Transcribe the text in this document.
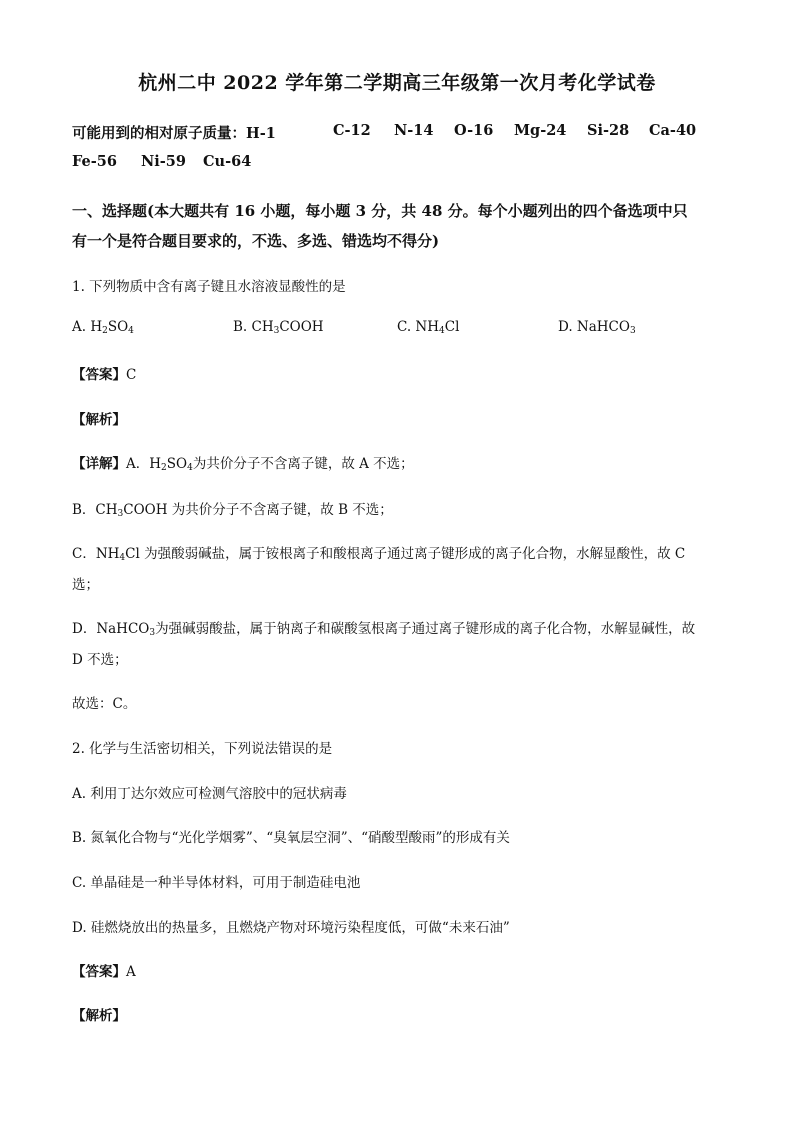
杭州二中 2022 学年第二学期高三年级第一次月考化学试卷
可能用到的相对原子质量：H-1	C-12 N-14 O-16 Mg-24 Si-28 Ca-40
Fe-56 Ni-59 Cu-64
一、选择题(本大题共有 16 小题，每小题 3 分，共 48 分。每个小题列出的四个备选项中只
有一个是符合题目要求的，不选、多选、错选均不得分)
1. 下列物质中含有离子键且水溶液显酸性的是
A. $H_2SO_4$	B. $CH_3COOH$	C. $NH_4Cl$	D. NaHCO$_3$
【答案】C
【解析】
【详解】A．$H_2SO_4$为共价分子不含离子键，故 A 不选；
B．$CH_3COOH$ 为共价分子不含离子键，故 B 不选；
C．$NH_4Cl$ 为强酸弱碱盐，属于铵根离子和酸根离子通过离子键形成的离子化合物，水解显酸性，故 C
选；
D．NaHCO$_3$为强碱弱酸盐，属于钠离子和碳酸氢根离子通过离子键形成的离子化合物，水解显碱性，故
D 不选；
故选：C。
2. 化学与生活密切相关，下列说法错误的是
A. 利用丁达尔效应可检测气溶胶中的冠状病毒
B. 氮氧化合物与“光化学烟雾”、“臭氧层空洞”、“硝酸型酸雨”的形成有关
C. 单晶硅是一种半导体材料，可用于制造硅电池
D. 硅燃烧放出的热量多，且燃烧产物对环境污染程度低，可做“未来石油”
【答案】A
【解析】
